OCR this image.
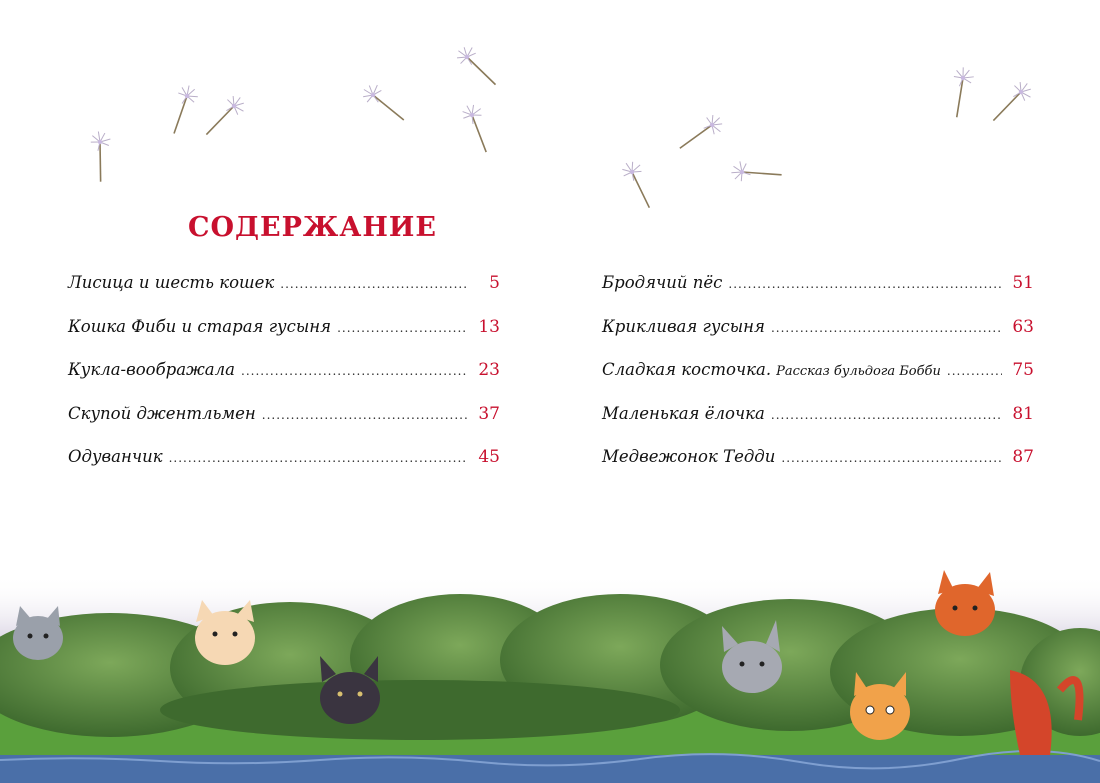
СОДЕРЖАНИЕ
Лисица и шесть кошек .....	5
Кошка Фиби и старая гусыня .....	13
Кукла-воображала .....	23
Скупой джентльмен .....	37
Одуванчик .....	45
Бродячий пёс .....	51
Крикливая гусыня .....	63
Сладкая косточка. Рассказ бульдога Бобби .....	75
Маленькая ёлочка .....	81
Медвежонок Тедди .....	87
